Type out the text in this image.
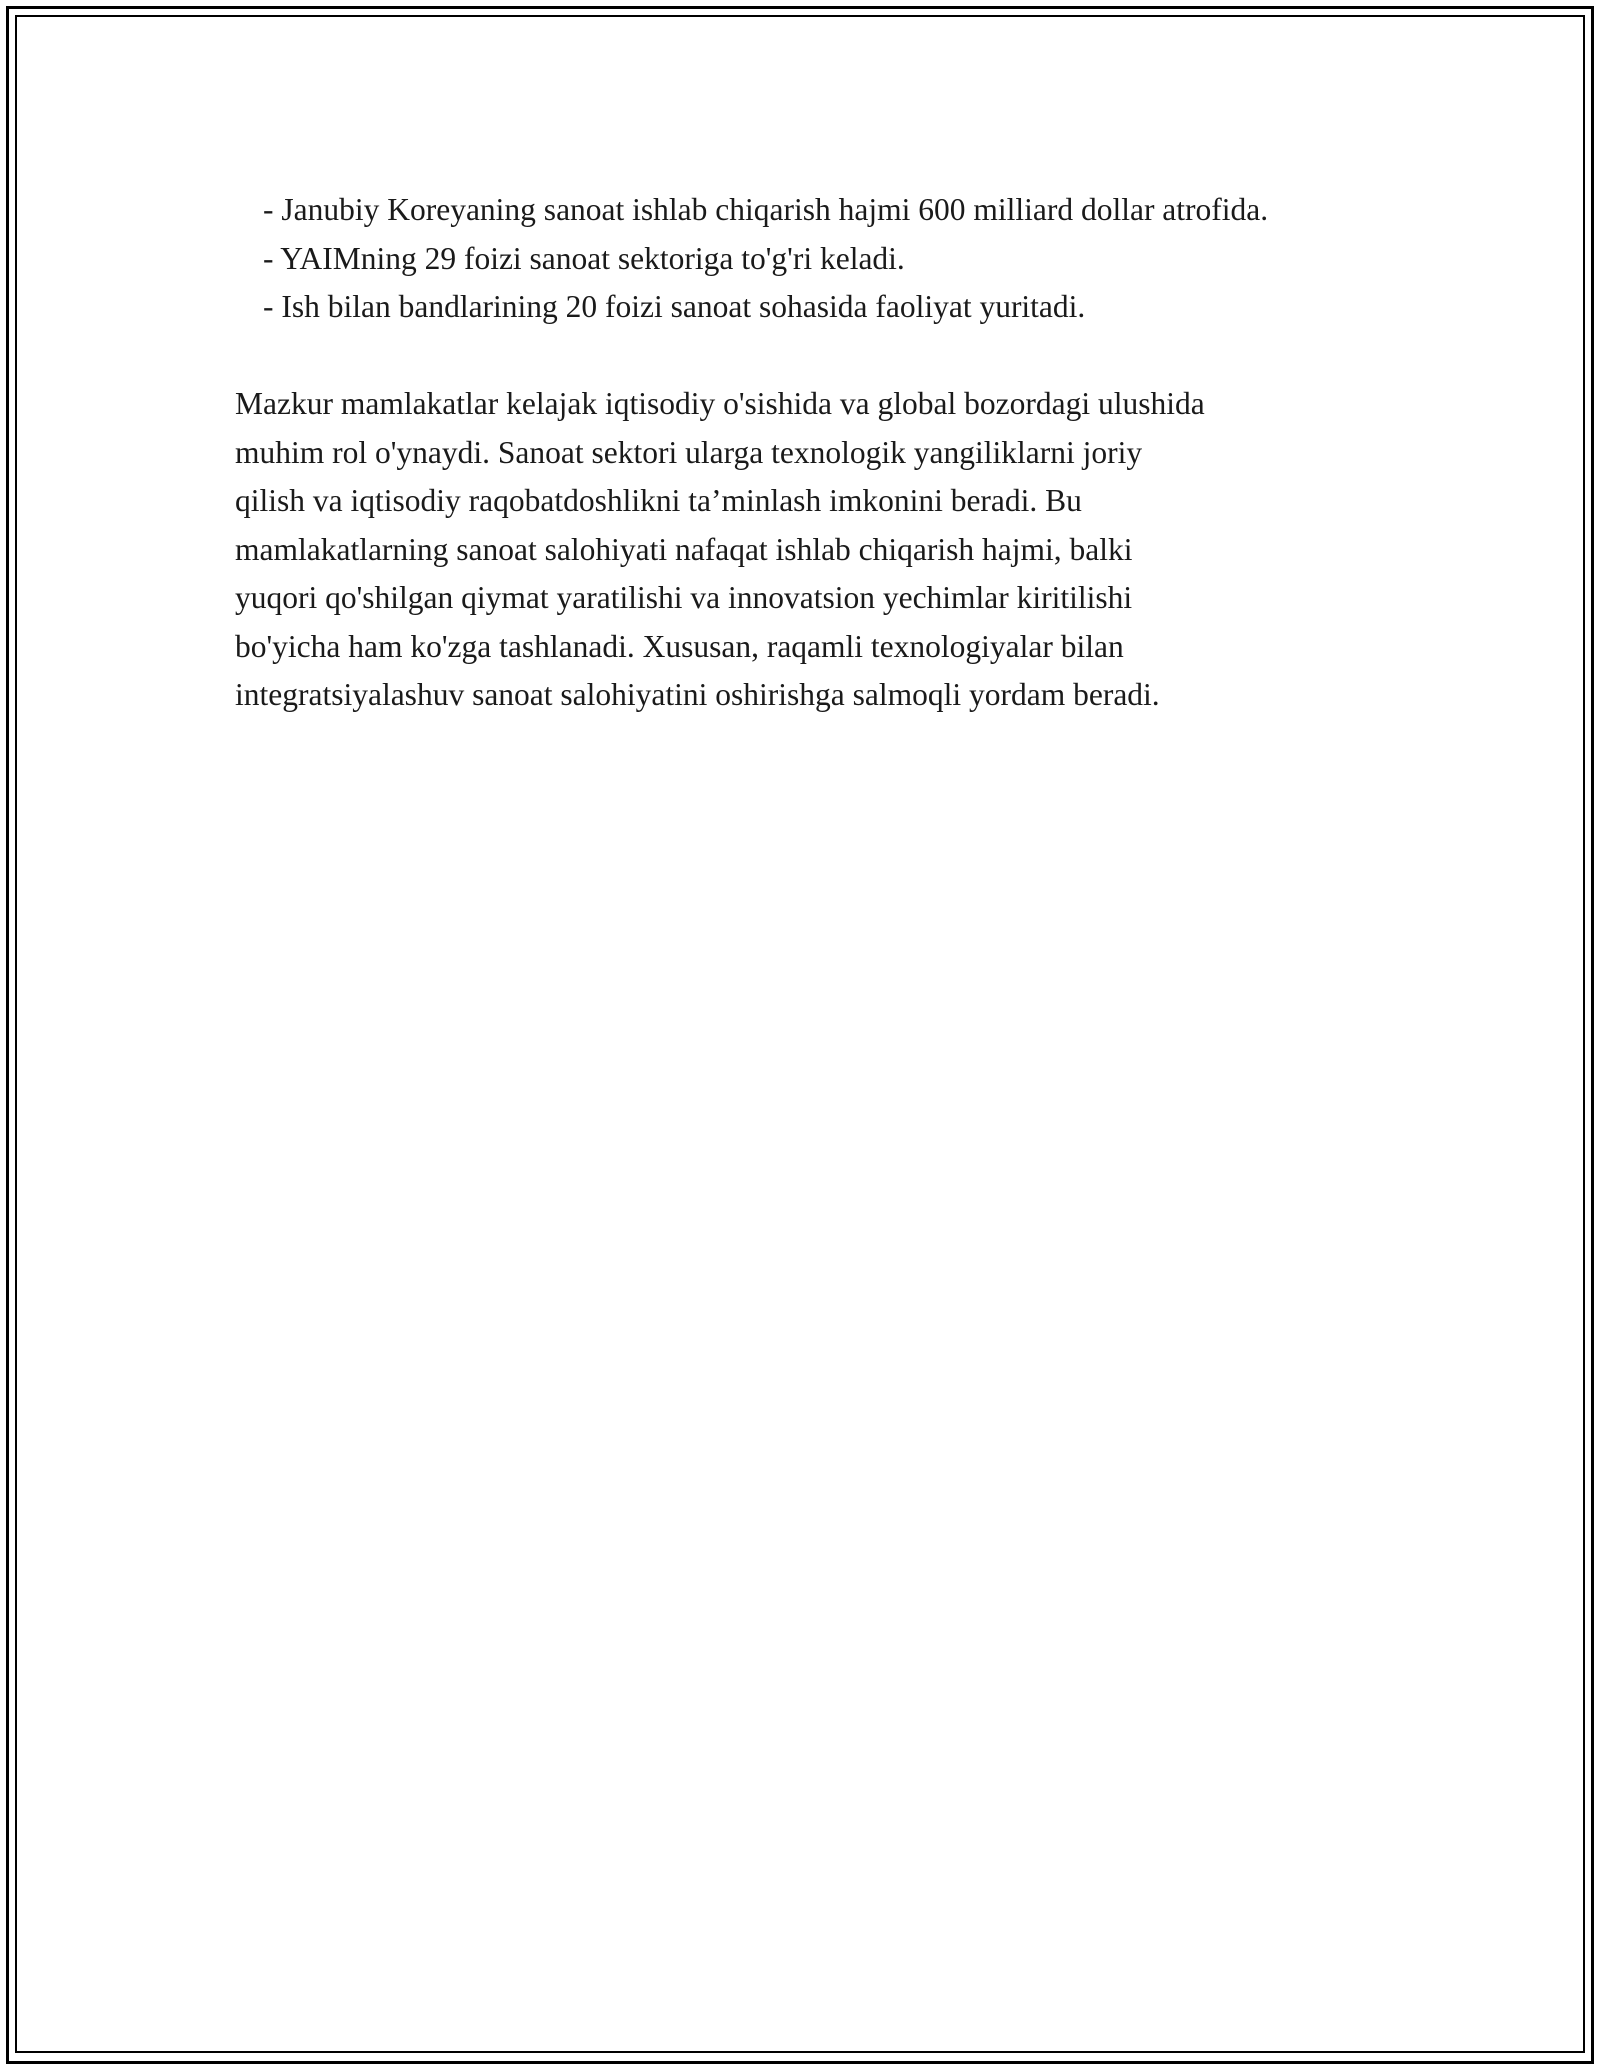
- Janubiy Koreyaning sanoat ishlab chiqarish hajmi 600 milliard dollar atrofida.

- YAIMning 29 foizi sanoat sektoriga to'g'ri keladi.

- Ish bilan bandlarining 20 foizi sanoat sohasida faoliyat yuritadi.

Mazkur mamlakatlar kelajak iqtisodiy o'sishida va global bozordagi ulushida
muhim rol o'ynaydi. Sanoat sektori ularga texnologik yangiliklarni joriy
qilish va iqtisodiy raqobatdoshlikni ta’minlash imkonini beradi. Bu
mamlakatlarning sanoat salohiyati nafaqat ishlab chiqarish hajmi, balki
yuqori qo'shilgan qiymat yaratilishi va innovatsion yechimlar kiritilishi
bo'yicha ham ko'zga tashlanadi. Xususan, raqamli texnologiyalar bilan
integratsiyalashuv sanoat salohiyatini oshirishga salmoqli yordam beradi.
